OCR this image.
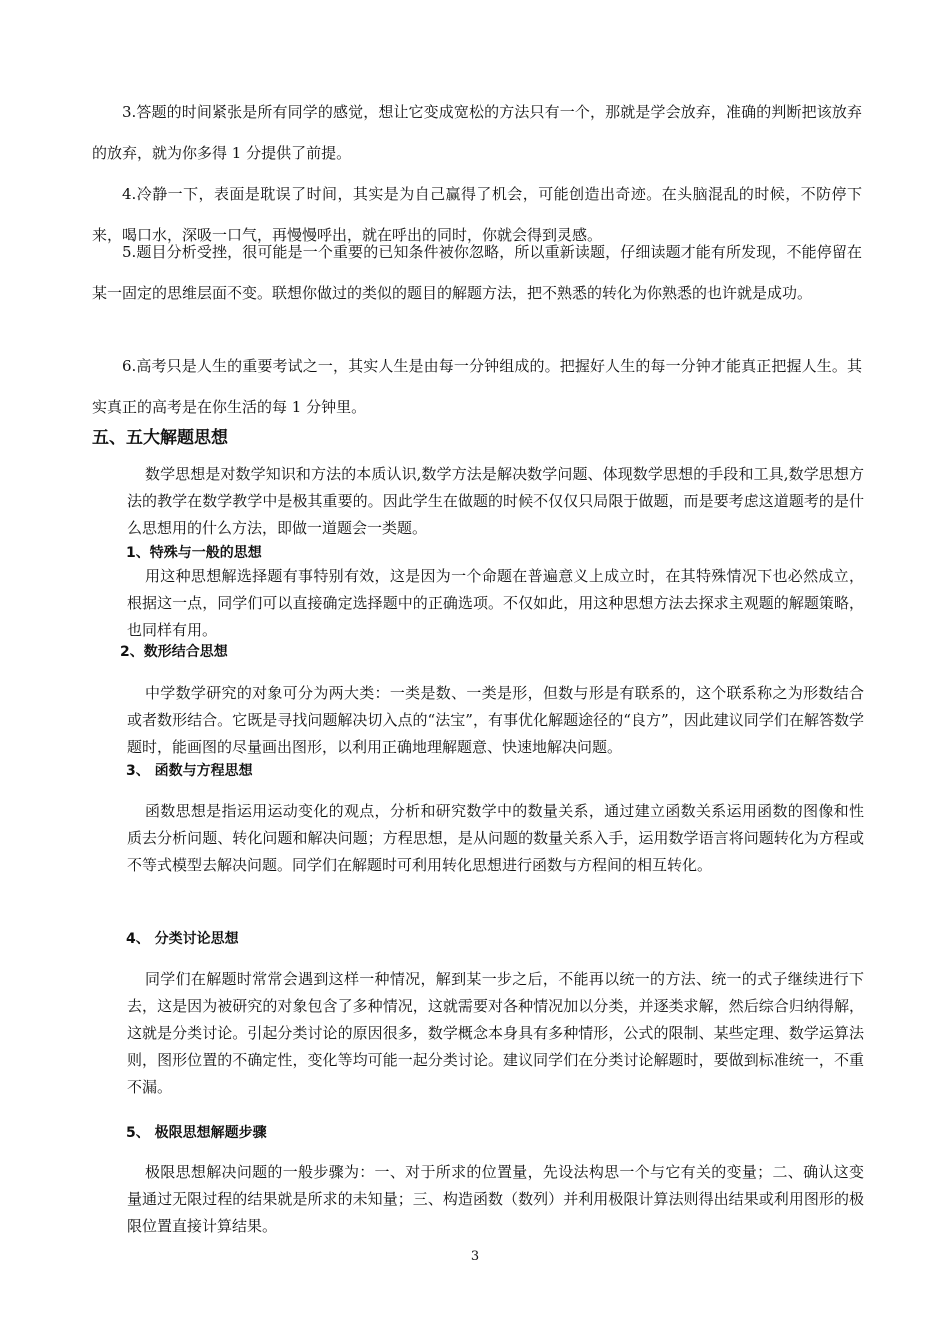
3.答题的时间紧张是所有同学的感觉，想让它变成宽松的方法只有一个，那就是学会放弃，准确的判断把该放弃的放弃，就为你多得 1 分提供了前提。

4.冷静一下，表面是耽误了时间，其实是为自己赢得了机会，可能创造出奇迹。在头脑混乱的时候，不防停下来，喝口水，深吸一口气，再慢慢呼出，就在呼出的同时，你就会得到灵感。

5.题目分析受挫，很可能是一个重要的已知条件被你忽略，所以重新读题，仔细读题才能有所发现，不能停留在某一固定的思维层面不变。联想你做过的类似的题目的解题方法，把不熟悉的转化为你熟悉的也许就是成功。

6.高考只是人生的重要考试之一，其实人生是由每一分钟组成的。把握好人生的每一分钟才能真正把握人生。其实真正的高考是在你生活的每 1 分钟里。

五、五大解题思想

数学思想是对数学知识和方法的本质认识,数学方法是解决数学问题、体现数学思想的手段和工具,数学思想方法的教学在数学教学中是极其重要的。因此学生在做题的时候不仅仅只局限于做题，而是要考虑这道题考的是什么思想用的什么方法，即做一道题会一类题。

1、特殊与一般的思想

用这种思想解选择题有事特别有效，这是因为一个命题在普遍意义上成立时，在其特殊情况下也必然成立，根据这一点，同学们可以直接确定选择题中的正确选项。不仅如此，用这种思想方法去探求主观题的解题策略，也同样有用。

2、数形结合思想

中学数学研究的对象可分为两大类：一类是数、一类是形，但数与形是有联系的，这个联系称之为形数结合或者数形结合。它既是寻找问题解决切入点的“法宝”，有事优化解题途径的“良方”，因此建议同学们在解答数学题时，能画图的尽量画出图形，以利用正确地理解题意、快速地解决问题。

3、 函数与方程思想

函数思想是指运用运动变化的观点，分析和研究数学中的数量关系，通过建立函数关系运用函数的图像和性质去分析问题、转化问题和解决问题；方程思想，是从问题的数量关系入手，运用数学语言将问题转化为方程或不等式模型去解决问题。同学们在解题时可利用转化思想进行函数与方程间的相互转化。

4、 分类讨论思想

同学们在解题时常常会遇到这样一种情况，解到某一步之后，不能再以统一的方法、统一的式子继续进行下去，这是因为被研究的对象包含了多种情况，这就需要对各种情况加以分类，并逐类求解，然后综合归纳得解，这就是分类讨论。引起分类讨论的原因很多，数学概念本身具有多种情形，公式的限制、某些定理、数学运算法则，图形位置的不确定性，变化等均可能一起分类讨论。建议同学们在分类讨论解题时，要做到标准统一，不重不漏。

5、 极限思想解题步骤

极限思想解决问题的一般步骤为：一、对于所求的位置量，先设法构思一个与它有关的变量；二、确认这变量通过无限过程的结果就是所求的未知量；三、构造函数（数列）并利用极限计算法则得出结果或利用图形的极限位置直接计算结果。

3
